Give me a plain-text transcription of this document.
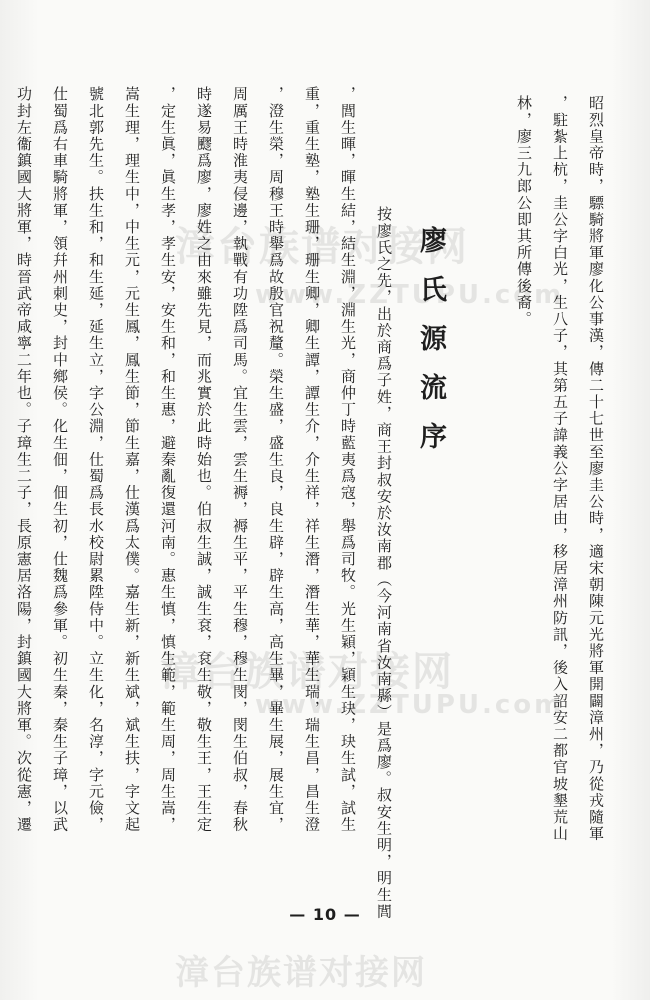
漳台族谱对接网
www.ZZTUPU.com
漳台族谱对接网
www.ZZTUPU.com
漳台族谱对接网
昭烈皇帝時，驃騎將軍廖化公事漢，傳二十七世至廖圭公時，適宋朝陳元光將軍開闢漳州，乃從戎隨軍
，駐紮上杭，圭公字白光，生八子，其第五子諱義公字居由，移居漳州防訊，後入詔安二都官坡墾荒山
林，廖三九郎公即其所傳後裔。
廖氏源流序
按廖氏之先，出於商爲子姓，商王封叔安於汝南郡（今河南省汝南縣）是爲廖。叔安生明，明生閭
，閭生暉，暉生結，結生淵，淵生光，商仲丁時藍夷爲寇，舉爲司牧。光生穎，穎生玦，玦生試，試生
重，重生塾，塾生珊，珊生卿，卿生譚，譚生介，介生祥，祥生潛，潛生華，華生瑞，瑞生昌，昌生澄
，澄生榮，周穆王時舉爲故殷官祝釐。榮生盛，盛生良，良生辟，辟生高，高生畢，畢生展，展生宜，
周厲王時淮夷侵邊，執戰有功陞爲司馬。宜生雲，雲生褥，褥生平，平生穆，穆生閔，閔生伯叔，春秋
時遂易飂爲廖，廖姓之由來雖先見，而兆實於此時始也。伯叔生誠，誠生袞，袞生敬，敬生王，王生定
，定生眞，眞生孝，孝生安，安生和，和生惠，避秦亂復還河南。惠生慎，慎生範，範生周，周生嵩，
嵩生理，理生中，中生元，元生鳳，鳳生節，節生嘉，仕漢爲太僕。嘉生新，新生斌，斌生扶，字文起
號北郭先生。扶生和，和生延，延生立，字公淵，仕蜀爲長水校尉累陞侍中。立生化，名淳，字元儉，
仕蜀爲右車騎將軍，領幷州刺史，封中鄉侯。化生佃，佃生初，仕魏爲參軍。初生秦，秦生子璋，以武
功封左衞鎮國大將軍，時晉武帝咸寧二年也。子璋生二子，長原憲居洛陽，封鎮國大將軍。次從憲，遷
— 10 —
